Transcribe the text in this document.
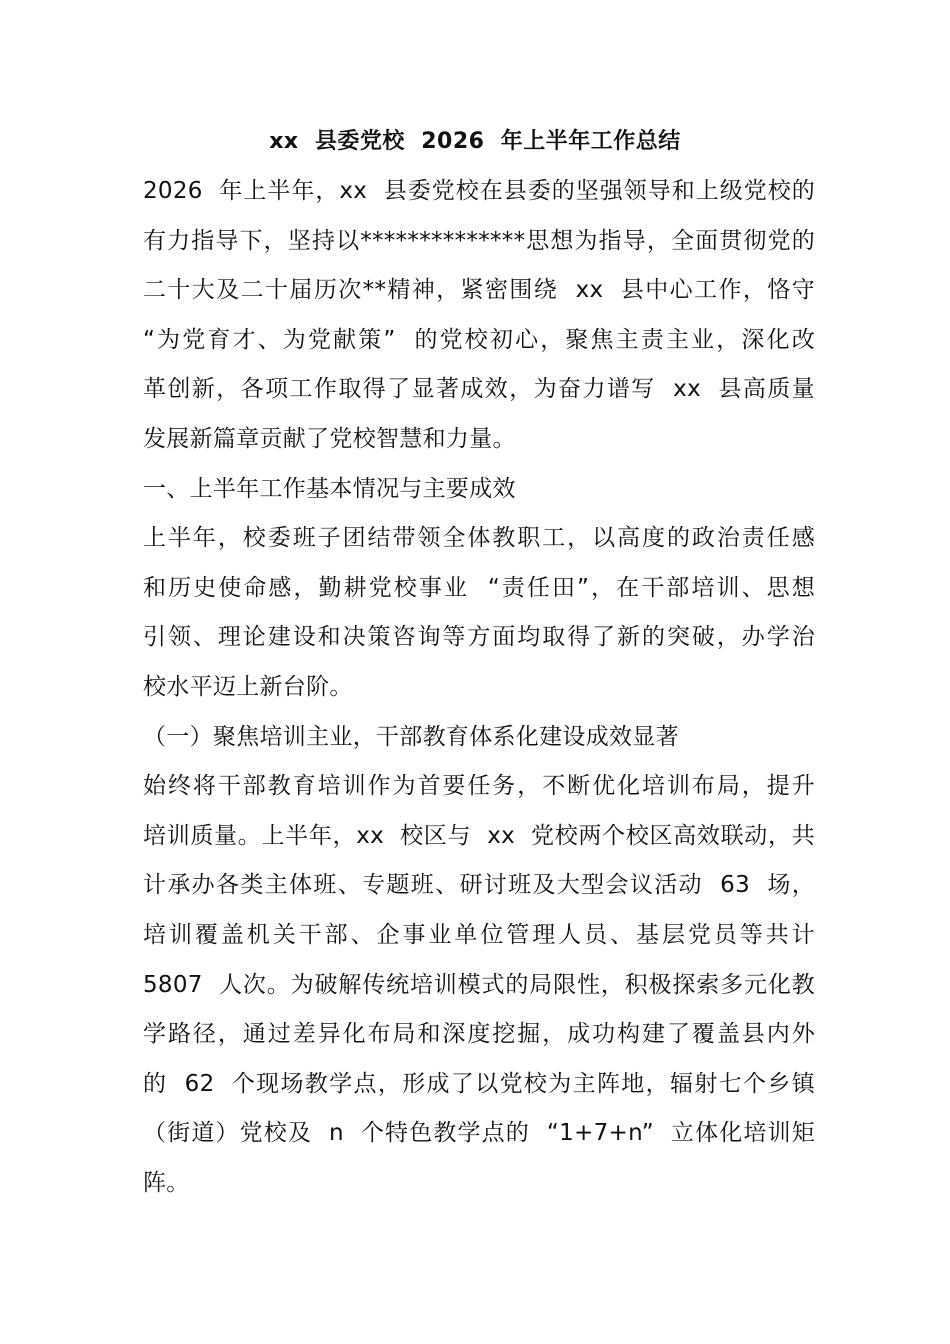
xx  县委党校  2026  年上半年工作总结
2026  年上半年，xx  县委党校在县委的坚强领导和上级党校的
有力指导下，坚持以**************思想为指导，全面贯彻党的
二十大及二十届历次**精神，紧密围绕  xx  县中心工作，恪守
“为党育才、为党献策”  的党校初心，聚焦主责主业，深化改
革创新，各项工作取得了显著成效，为奋力谱写  xx  县高质量
发展新篇章贡献了党校智慧和力量。
一、上半年工作基本情况与主要成效
上半年，校委班子团结带领全体教职工，以高度的政治责任感
和历史使命感，勤耕党校事业  “责任田”，在干部培训、思想
引领、理论建设和决策咨询等方面均取得了新的突破，办学治
校水平迈上新台阶。
（一）聚焦培训主业，干部教育体系化建设成效显著
始终将干部教育培训作为首要任务，不断优化培训布局，提升
培训质量。上半年，xx  校区与  xx  党校两个校区高效联动，共
计承办各类主体班、专题班、研讨班及大型会议活动  63  场，
培训覆盖机关干部、企事业单位管理人员、基层党员等共计
5807  人次。为破解传统培训模式的局限性，积极探索多元化教
学路径，通过差异化布局和深度挖掘，成功构建了覆盖县内外
的  62  个现场教学点，形成了以党校为主阵地，辐射七个乡镇
（街道）党校及  n  个特色教学点的  “1+7+n”  立体化培训矩
阵。
